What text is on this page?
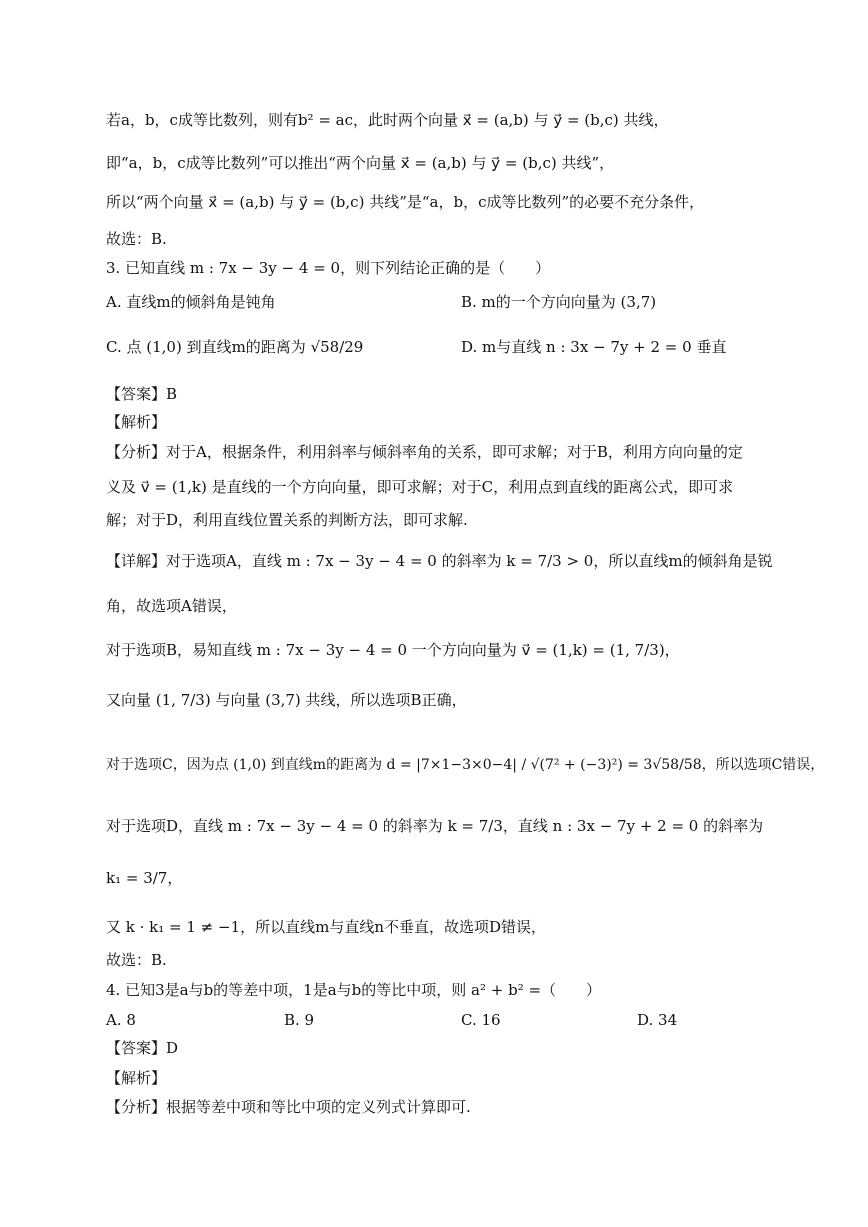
若a，b，c成等比数列，则有b² = ac，此时两个向量 x⃗ = (a,b) 与 y⃗ = (b,c) 共线，
即“a，b，c成等比数列”可以推出“两个向量 x⃗ = (a,b) 与 y⃗ = (b,c) 共线”，
所以“两个向量 x⃗ = (a,b) 与 y⃗ = (b,c) 共线”是“a，b，c成等比数列”的必要不充分条件，
故选：B.
3. 已知直线 m : 7x − 3y − 4 = 0，则下列结论正确的是（　　）
A. 直线m的倾斜角是钝角	B. m的一个方向向量为 (3,7)
C. 点 (1,0) 到直线m的距离为 √58/29	D. m与直线 n : 3x − 7y + 2 = 0 垂直
【答案】B
【解析】
【分析】对于A，根据条件，利用斜率与倾斜率角的关系，即可求解；对于B，利用方向向量的定
义及 v⃗ = (1,k) 是直线的一个方向向量，即可求解；对于C，利用点到直线的距离公式，即可求
解；对于D，利用直线位置关系的判断方法，即可求解.
【详解】对于选项A，直线 m : 7x − 3y − 4 = 0 的斜率为 k = 7/3 > 0，所以直线m的倾斜角是锐
角，故选项A错误，
对于选项B，易知直线 m : 7x − 3y − 4 = 0 一个方向向量为 v⃗ = (1,k) = (1, 7/3)，
又向量 (1, 7/3) 与向量 (3,7) 共线，所以选项B正确，
对于选项C，因为点 (1,0) 到直线m的距离为 d = |7×1−3×0−4| / √(7² + (−3)²) = 3√58/58，所以选项C错误，
对于选项D，直线 m : 7x − 3y − 4 = 0 的斜率为 k = 7/3，直线 n : 3x − 7y + 2 = 0 的斜率为
k₁ = 3/7，
又 k · k₁ = 1 ≠ −1，所以直线m与直线n不垂直，故选项D错误，
故选：B.
4. 已知3是a与b的等差中项，1是a与b的等比中项，则 a² + b² =（　　）
A. 8	B. 9	C. 16	D. 34
【答案】D
【解析】
【分析】根据等差中项和等比中项的定义列式计算即可.
